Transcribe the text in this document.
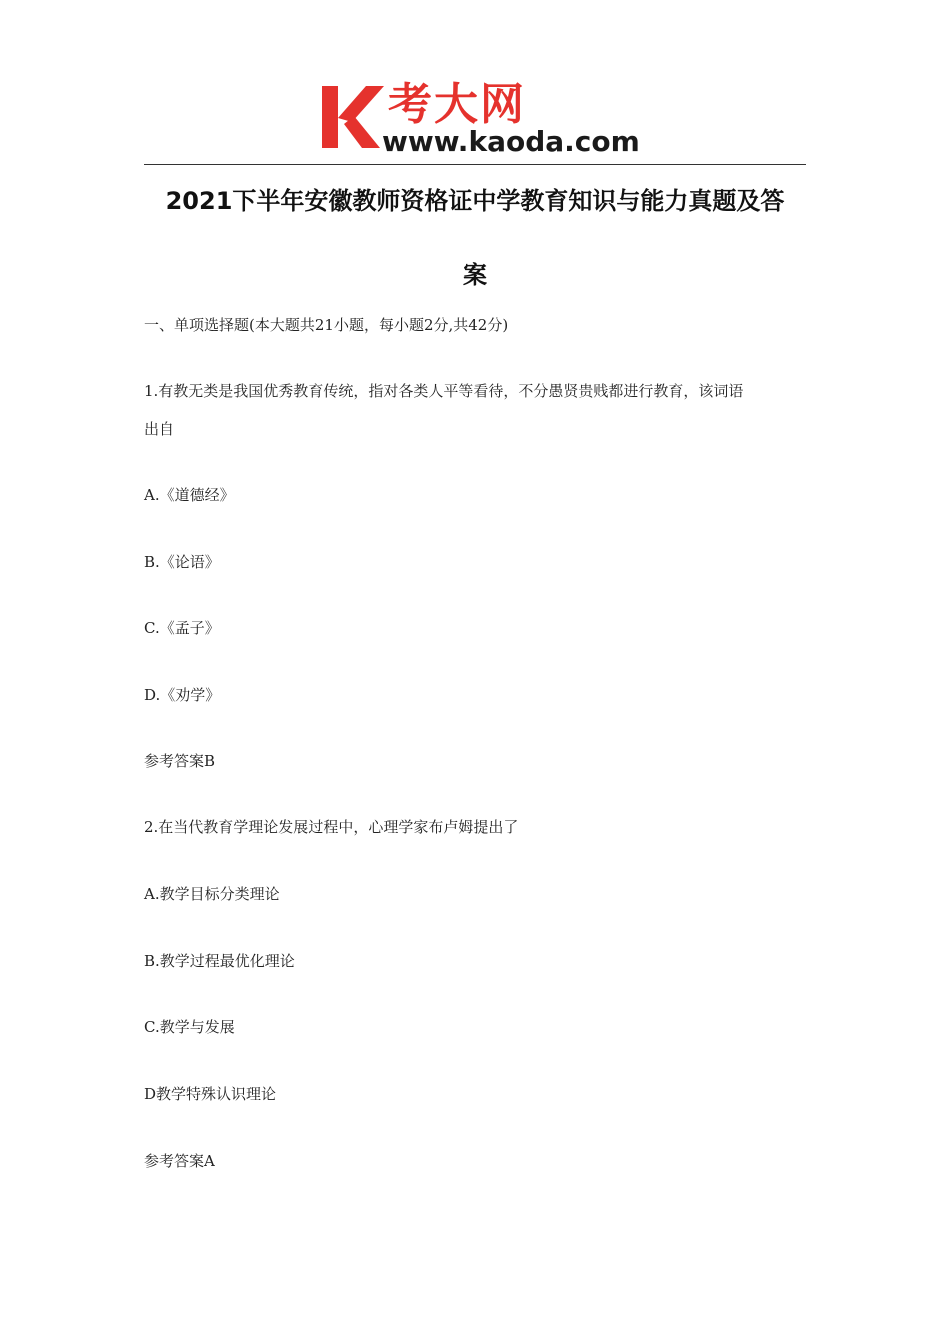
考大网
www.kaoda.com
2021下半年安徽教师资格证中学教育知识与能力真题及答
案

一、单项选择题(本大题共21小题，每小题2分,共42分)

1.有教无类是我国优秀教育传统，指对各类人平等看待，不分愚贤贵贱都进行教育，该词语

出自

A.《道德经》

B.《论语》

C.《孟子》

D.《劝学》

参考答案B

2.在当代教育学理论发展过程中，心理学家布卢姆提出了

A.教学目标分类理论

B.教学过程最优化理论

C.教学与发展

D教学特殊认识理论

参考答案A
